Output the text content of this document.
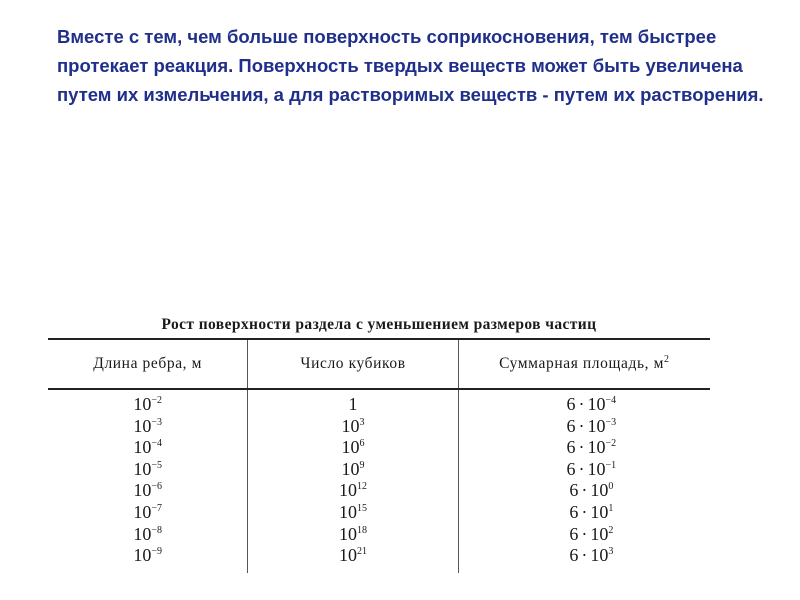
Вместе с тем, чем больше поверхность соприкосновения, тем быстрее протекает реакция. Поверхность твердых веществ может быть увеличена путем их измельчения, а для растворимых веществ - путем их растворения.

Рост поверхности раздела с уменьшением размеров частиц
Длина ребра, м	Число кубиков	Суммарная площадь, $м^2$
$10^{-2}$	1	$6 \cdot 10^{-4}$
$10^{-3}$	$10^3$	$6 \cdot 10^{-3}$
$10^{-4}$	$10^6$	$6 \cdot 10^{-2}$
$10^{-5}$	$10^9$	$6 \cdot 10^{-1}$
$10^{-6}$	$10^{12}$	$6 \cdot 10^0$
$10^{-7}$	$10^{15}$	$6 \cdot 10^1$
$10^{-8}$	$10^{18}$	$6 \cdot 10^2$
$10^{-9}$	$10^{21}$	$6 \cdot 10^3$
